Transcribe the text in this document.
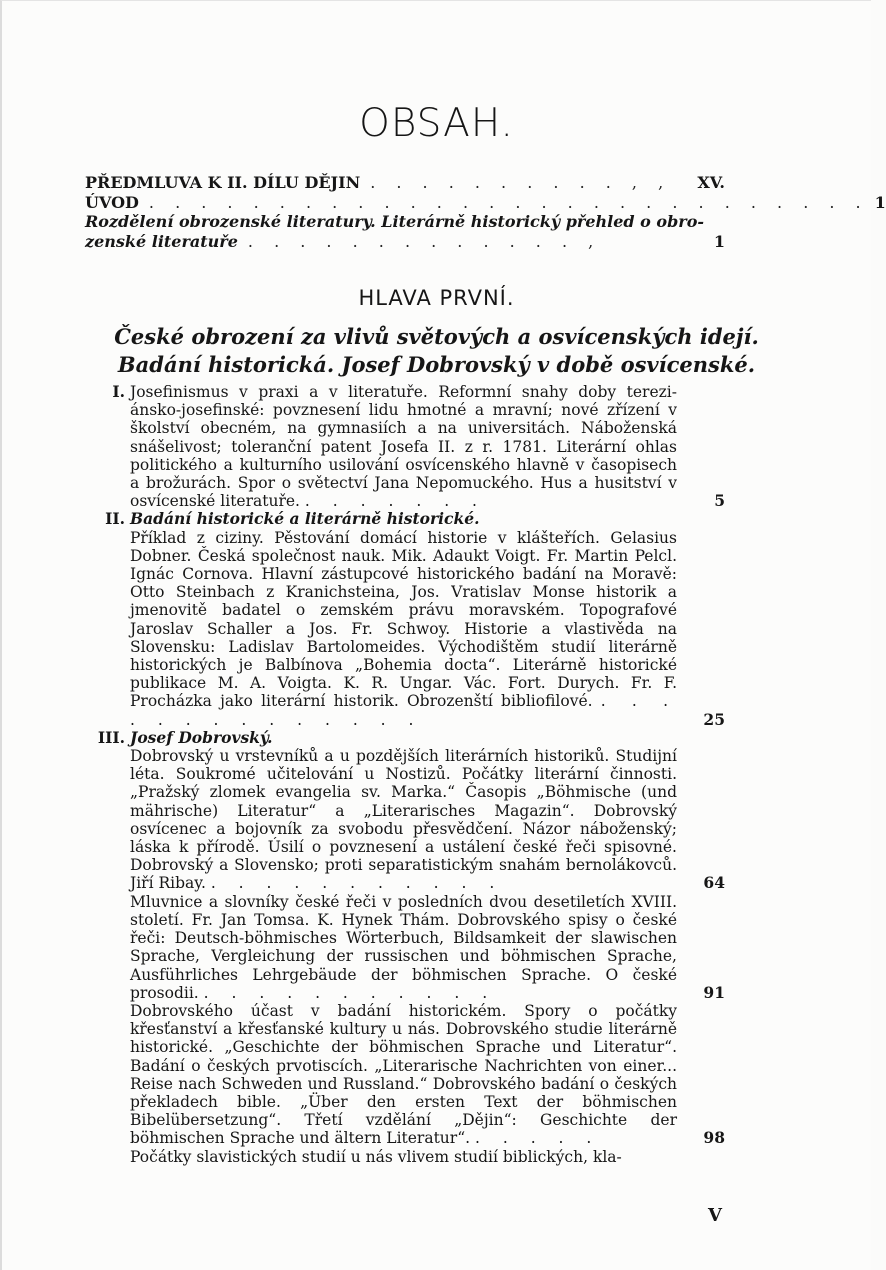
OBSAH.
PŘEDMLUVA K II. DÍLU DĚJIN . . . . . . . . . . , ,	XV.
ÚVOD . . . . . . . . . . . . . . . . . . . . . . . . . . . . 1
Rozdělení obrozenské literatury. Literárně historický přehled o obro-
zenské literatuře . . . . . . . . . . . . . ,	1
HLAVA PRVNÍ.
České obrození za vlivů světových a osvícenských idejí.
Badání historická. Josef Dobrovský v době osvícenské.
I. Josefinismus v praxi a v literatuře. Reformní snahy doby terezi-ánsko-josefinské: povznesení lidu hmotné a mravní; nové zřízení v školství obecném, na gymnasiích a na universitách. Náboženská snášelivost; toleranční patent Josefa II. z r. 1781. Literární ohlas politického a kulturního usilování osvícenského hlavně v časopisech a brožurách. Spor o světectví Jana Nepomuckého. Hus a husitství v osvícenské literatuře. . . . . . . .	5
II. Badání historické a literárně historické.
Příklad z ciziny. Pěstování domácí historie v klášteřích. Gelasius Dobner. Česká společnost nauk. Mik. Adaukt Voigt. Fr. Martin Pelcl. Ignác Cornova. Hlavní zástupcové historického badání na Moravě: Otto Steinbach z Kranichsteina, Jos. Vratislav Monse historik a jmenovitě badatel o zemském právu moravském. Topografové Jaroslav Schaller a Jos. Fr. Schwoy. Historie a vlastivěda na Slovensku: Ladislav Bartolomeides. Východištěm studií literárně historických je Balbínova „Bohemia docta“. Literárně historické publikace M. A. Voigta. K. R. Ungar. Vác. Fort. Durych. Fr. F. Procházka jako literární historik. Obrozenští bibliofilové. . . . . . . . . . . . . . .	25
III. Josef Dobrovský.
Dobrovský u vrstevníků a u pozdějších literárních historiků. Studijní léta. Soukromé učitelování u Nostizů. Počátky literární činnosti. „Pražský zlomek evangelia sv. Marka.“ Časopis „Böhmische (und mährische) Literatur“ a „Literarisches Magazin“. Dobrovský osvícenec a bojovník za svobodu přesvědčení. Názor náboženský; láska k přírodě. Úsilí o povznesení a ustálení české řeči spisovné. Dobrovský a Slovensko; proti separatistickým snahám bernolákovců. Jiří Ribay. . . . . . . . . . . .	64
Mluvnice a slovníky české řeči v posledních dvou desetiletích XVIII. století. Fr. Jan Tomsa. K. Hynek Thám. Dobrovského spisy o české řeči: Deutsch-böhmisches Wörterbuch, Bildsamkeit der slawischen Sprache, Vergleichung der russischen und böhmischen Sprache, Ausführliches Lehrgebäude der böhmischen Sprache. O české prosodii. . . . . . . . . . . .	91
Dobrovského účast v badání historickém. Spory o počátky křesťanství a křesťanské kultury u nás. Dobrovského studie literárně historické. „Geschichte der böhmischen Sprache und Literatur“. Badání o českých prvotiscích. „Literarische Nachrichten von einer... Reise nach Schweden und Russland.“ Dobrovského badání o českých překladech bible. „Über den ersten Text der böhmischen Bibelübersetzung“. Třetí vzdělání „Dějin“: Geschichte der böhmischen Sprache und ältern Literatur“. . . . . .	98
Počátky slavistických studií u nás vlivem studií biblických, kla-
V
